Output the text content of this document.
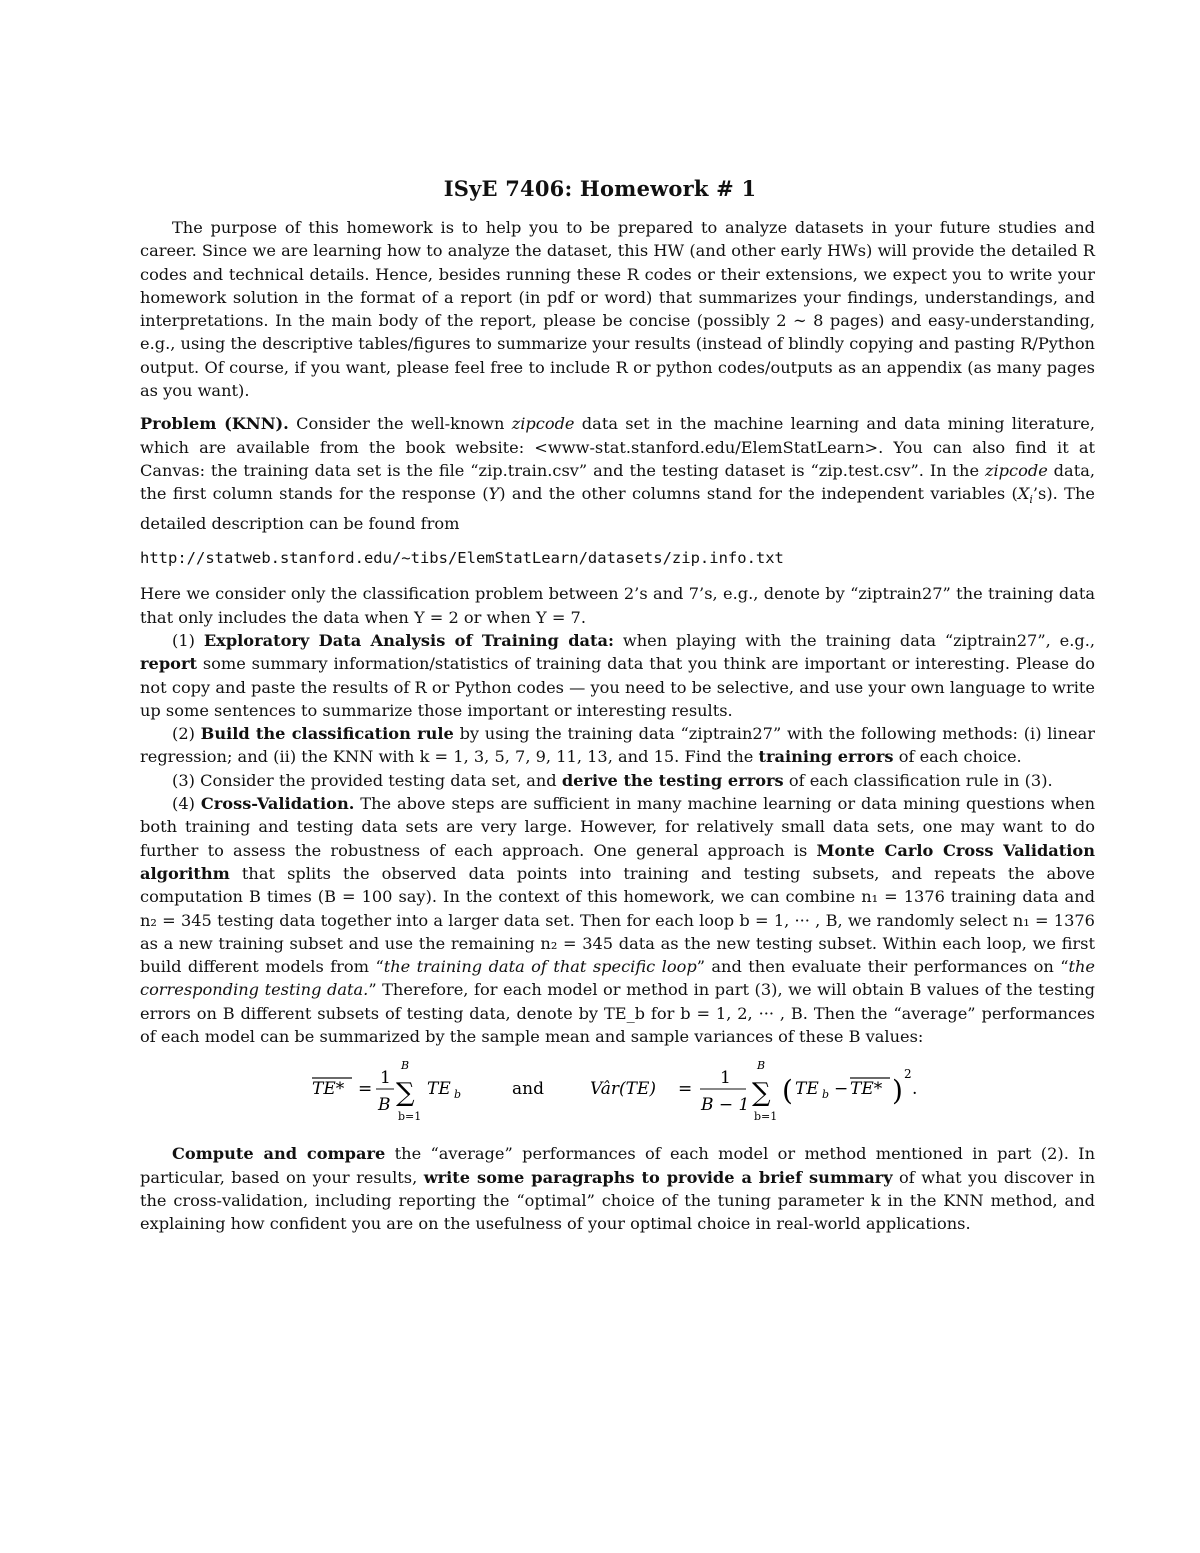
ISyE 7406: Homework # 1

The purpose of this homework is to help you to be prepared to analyze datasets in your future studies and career. Since we are learning how to analyze the dataset, this HW (and other early HWs) will provide the detailed R codes and technical details. Hence, besides running these R codes or their extensions, we expect you to write your homework solution in the format of a report (in pdf or word) that summarizes your findings, understandings, and interpretations. In the main body of the report, please be concise (possibly 2 ∼ 8 pages) and easy-understanding, e.g., using the descriptive tables/figures to summarize your results (instead of blindly copying and pasting R/Python output. Of course, if you want, please feel free to include R or python codes/outputs as an appendix (as many pages as you want).

Problem (KNN). Consider the well-known zipcode data set in the machine learning and data mining literature, which are available from the book website: <www-stat.stanford.edu/ElemStatLearn>. You can also find it at Canvas: the training data set is the file “zip.train.csv” and the testing dataset is “zip.test.csv”. In the zipcode data, the first column stands for the response (Y) and the other columns stand for the independent variables $(X_i’s)$. The detailed description can be found from

http://statweb.stanford.edu/~tibs/ElemStatLearn/datasets/zip.info.txt

Here we consider only the classification problem between 2’s and 7’s, e.g., denote by “ziptrain27” the training data that only includes the data when Y = 2 or when Y = 7.

(1) Exploratory Data Analysis of Training data: when playing with the training data “ziptrain27”, e.g., report some summary information/statistics of training data that you think are important or interesting. Please do not copy and paste the results of R or Python codes — you need to be selective, and use your own language to write up some sentences to summarize those important or interesting results.

(2) Build the classification rule by using the training data “ziptrain27” with the following methods: (i) linear regression; and (ii) the KNN with k = 1, 3, 5, 7, 9, 11, 13, and 15. Find the training errors of each choice.

(3) Consider the provided testing data set, and derive the testing errors of each classification rule in (3).

(4) Cross-Validation. The above steps are sufficient in many machine learning or data mining questions when both training and testing data sets are very large. However, for relatively small data sets, one may want to do further to assess the robustness of each approach. One general approach is Monte Carlo Cross Validation algorithm that splits the observed data points into training and testing subsets, and repeats the above computation B times (B = 100 say). In the context of this homework, we can combine n₁ = 1376 training data and n₂ = 345 testing data together into a larger data set. Then for each loop b = 1, ··· , B, we randomly select n₁ = 1376 as a new training subset and use the remaining n₂ = 345 data as the new testing subset. Within each loop, we first build different models from “the training data of that specific loop” and then evaluate their performances on “the corresponding testing data.” Therefore, for each model or method in part (3), we will obtain B values of the testing errors on B different subsets of testing data, denote by TE_b for b = 1, 2, ··· , B. Then the “average” performances of each model can be summarized by the sample mean and sample variances of these B values:

TE* =
1
B
B
∑
b=1
TE b	and	Vâr(TE) =
1
B − 1
B
∑
b=1
( TE b − TE* ) 2
.

Compute and compare the “average” performances of each model or method mentioned in part (2). In particular, based on your results, write some paragraphs to provide a brief summary of what you discover in the cross-validation, including reporting the “optimal” choice of the tuning parameter k in the KNN method, and explaining how confident you are on the usefulness of your optimal choice in real-world applications.
